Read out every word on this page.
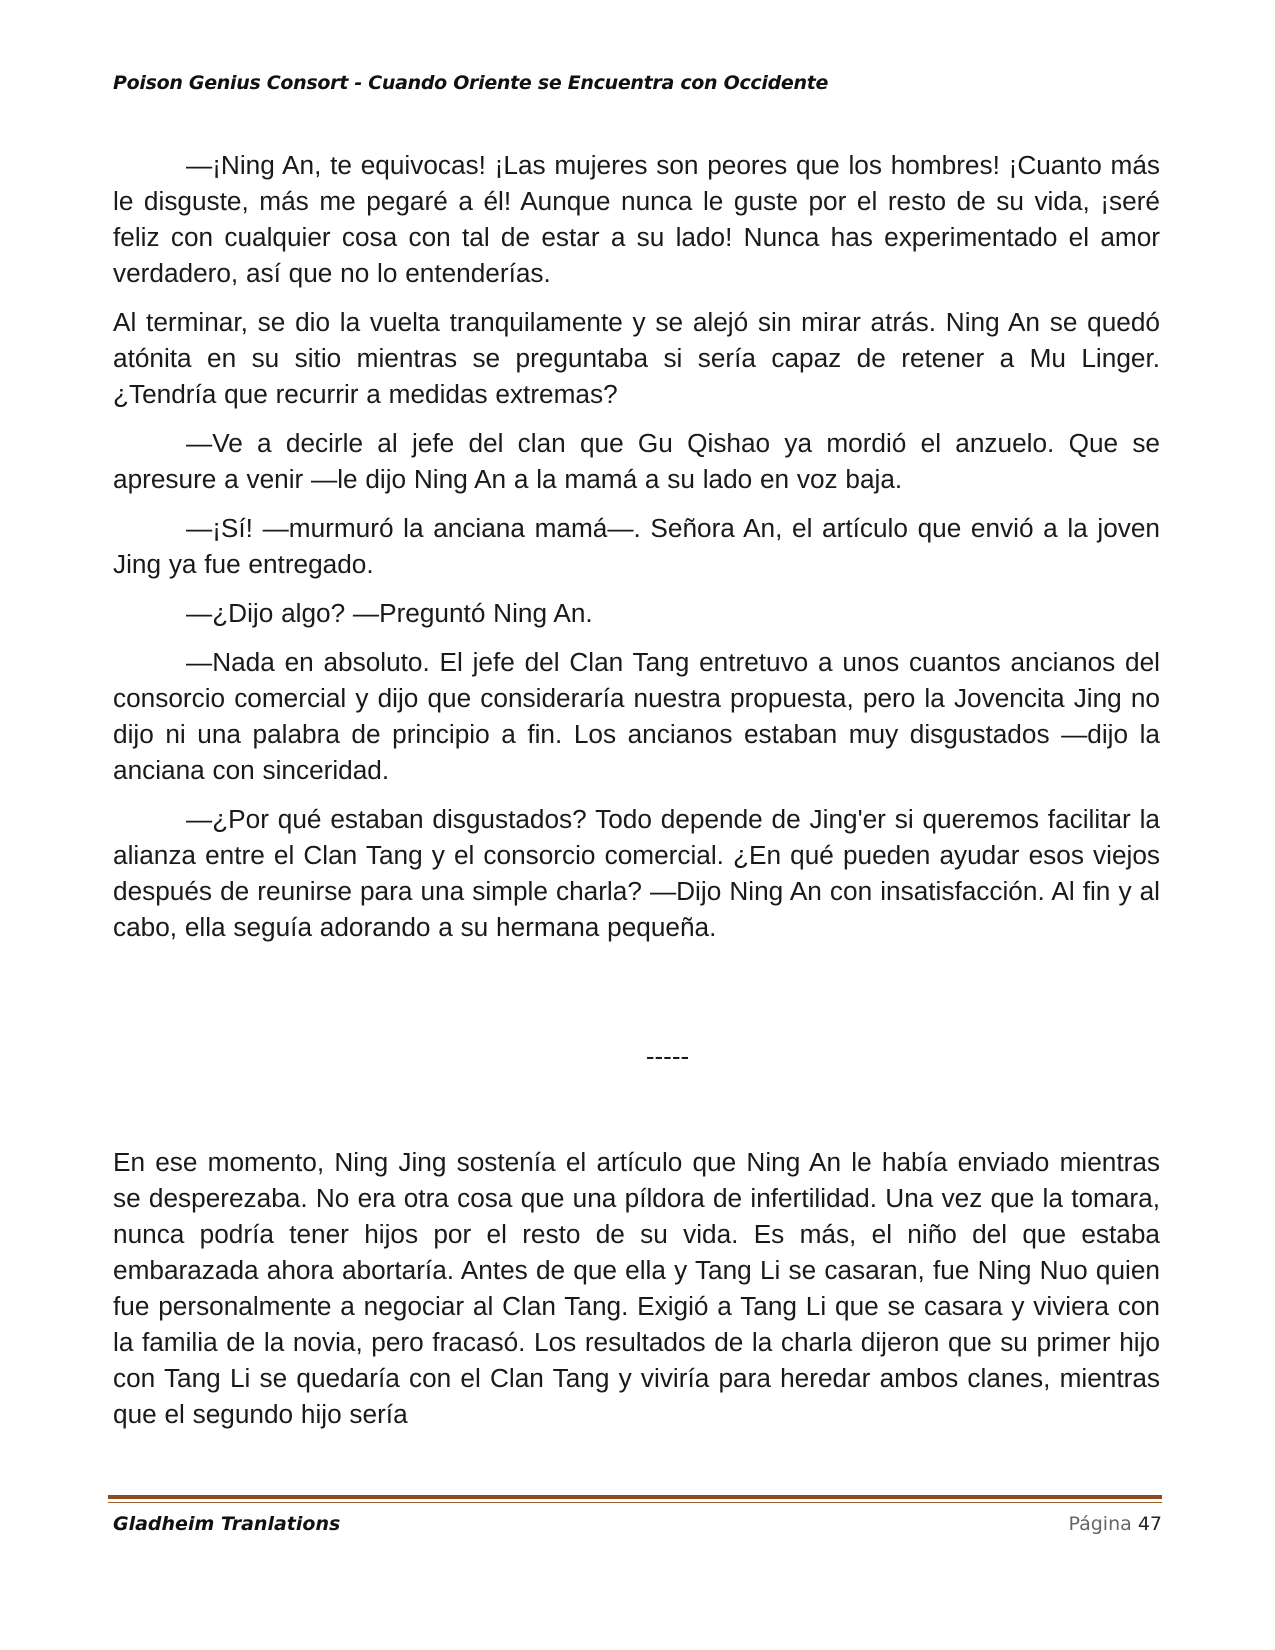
Poison Genius Consort - Cuando Oriente se Encuentra con Occidente

—¡Ning An, te equivocas! ¡Las mujeres son peores que los hombres! ¡Cuanto más le disguste, más me pegaré a él! Aunque nunca le guste por el resto de su vida, ¡seré feliz con cualquier cosa con tal de estar a su lado! Nunca has experimentado el amor verdadero, así que no lo entenderías.

Al terminar, se dio la vuelta tranquilamente y se alejó sin mirar atrás. Ning An se quedó atónita en su sitio mientras se preguntaba si sería capaz de retener a Mu Linger. ¿Tendría que recurrir a medidas extremas?

—Ve a decirle al jefe del clan que Gu Qishao ya mordió el anzuelo. Que se apresure a venir —le dijo Ning An a la mamá a su lado en voz baja.

—¡Sí! —murmuró la anciana mamá—. Señora An, el artículo que envió a la joven Jing ya fue entregado.

—¿Dijo algo? —Preguntó Ning An.

—Nada en absoluto. El jefe del Clan Tang entretuvo a unos cuantos ancianos del consorcio comercial y dijo que consideraría nuestra propuesta, pero la Jovencita Jing no dijo ni una palabra de principio a fin. Los ancianos estaban muy disgustados —dijo la anciana con sinceridad.

—¿Por qué estaban disgustados? Todo depende de Jing'er si queremos facilitar la alianza entre el Clan Tang y el consorcio comercial. ¿En qué pueden ayudar esos viejos después de reunirse para una simple charla? —Dijo Ning An con insatisfacción. Al fin y al cabo, ella seguía adorando a su hermana pequeña.

-----

En ese momento, Ning Jing sostenía el artículo que Ning An le había enviado mientras se desperezaba. No era otra cosa que una píldora de infertilidad. Una vez que la tomara, nunca podría tener hijos por el resto de su vida. Es más, el niño del que estaba embarazada ahora abortaría. Antes de que ella y Tang Li se casaran, fue Ning Nuo quien fue personalmente a negociar al Clan Tang. Exigió a Tang Li que se casara y viviera con la familia de la novia, pero fracasó. Los resultados de la charla dijeron que su primer hijo con Tang Li se quedaría con el Clan Tang y viviría para heredar ambos clanes, mientras que el segundo hijo sería

Gladheim Tranlations	Página 47
